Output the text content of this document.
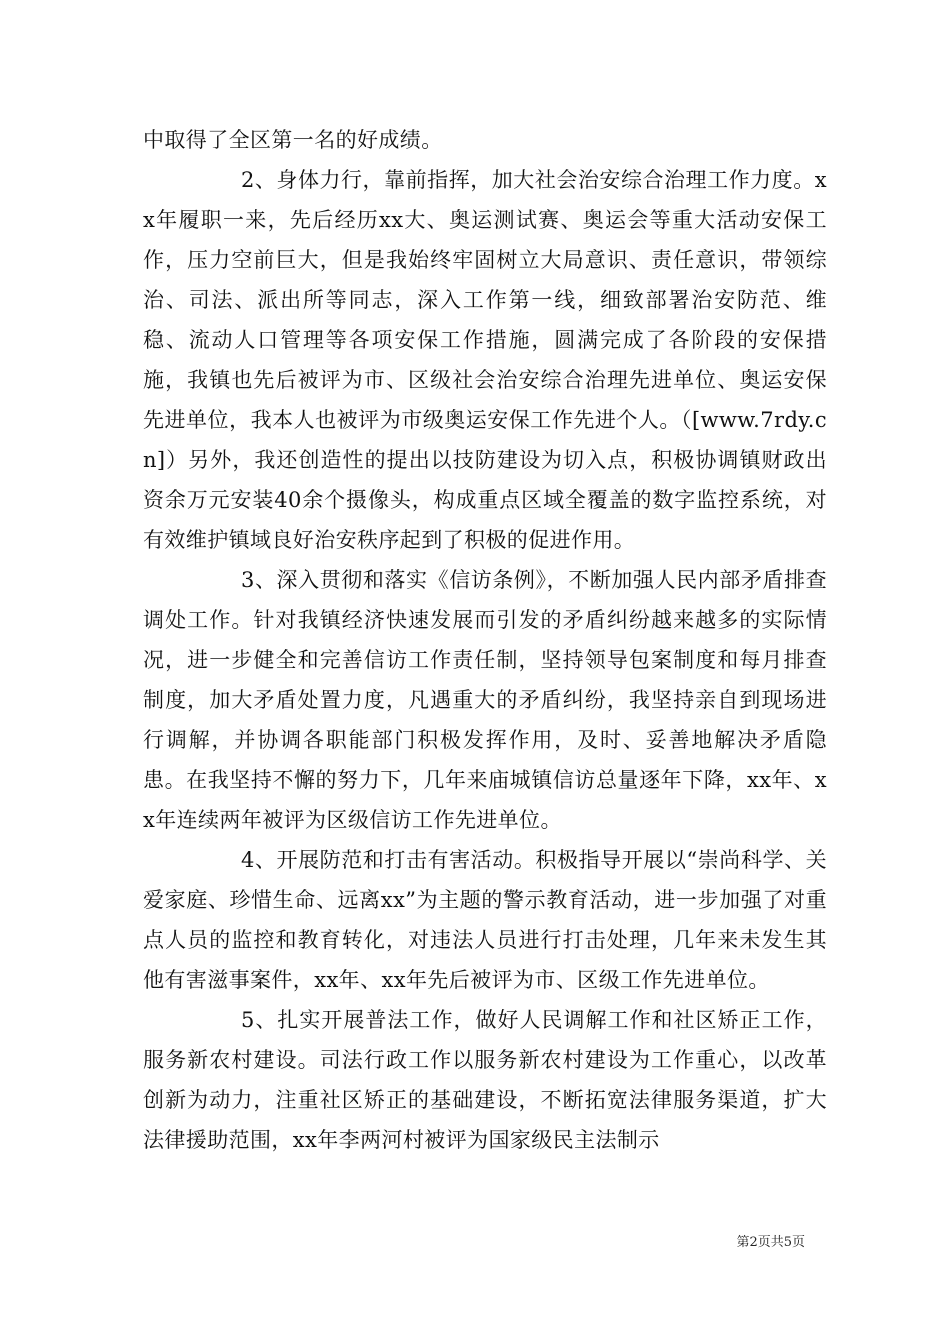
中取得了全区第一名的好成绩。

2、身体力行，靠前指挥，加大社会治安综合治理工作力度。xx年履职一来，先后经历xx大、奥运测试赛、奥运会等重大活动安保工作，压力空前巨大，但是我始终牢固树立大局意识、责任意识，带领综治、司法、派出所等同志，深入工作第一线，细致部署治安防范、维稳、流动人口管理等各项安保工作措施，圆满完成了各阶段的安保措施，我镇也先后被评为市、区级社会治安综合治理先进单位、奥运安保先进单位，我本人也被评为市级奥运安保工作先进个人。（[www.7rdy.cn]）另外，我还创造性的提出以技防建设为切入点，积极协调镇财政出资余万元安装40余个摄像头，构成重点区域全覆盖的数字监控系统，对有效维护镇域良好治安秩序起到了积极的促进作用。

3、深入贯彻和落实《信访条例》，不断加强人民内部矛盾排查调处工作。针对我镇经济快速发展而引发的矛盾纠纷越来越多的实际情况，进一步健全和完善信访工作责任制，坚持领导包案制度和每月排查制度，加大矛盾处置力度，凡遇重大的矛盾纠纷，我坚持亲自到现场进行调解，并协调各职能部门积极发挥作用，及时、妥善地解决矛盾隐患。在我坚持不懈的努力下，几年来庙城镇信访总量逐年下降，xx年、xx年连续两年被评为区级信访工作先进单位。

4、开展防范和打击有害活动。积极指导开展以“崇尚科学、关爱家庭、珍惜生命、远离xx”为主题的警示教育活动，进一步加强了对重点人员的监控和教育转化，对违法人员进行打击处理，几年来未发生其他有害滋事案件，xx年、xx年先后被评为市、区级工作先进单位。

5、扎实开展普法工作，做好人民调解工作和社区矫正工作，服务新农村建设。司法行政工作以服务新农村建设为工作重心，以改革创新为动力，注重社区矫正的基础建设，不断拓宽法律服务渠道，扩大法律援助范围，xx年李两河村被评为国家级民主法制示

第2页共5页
